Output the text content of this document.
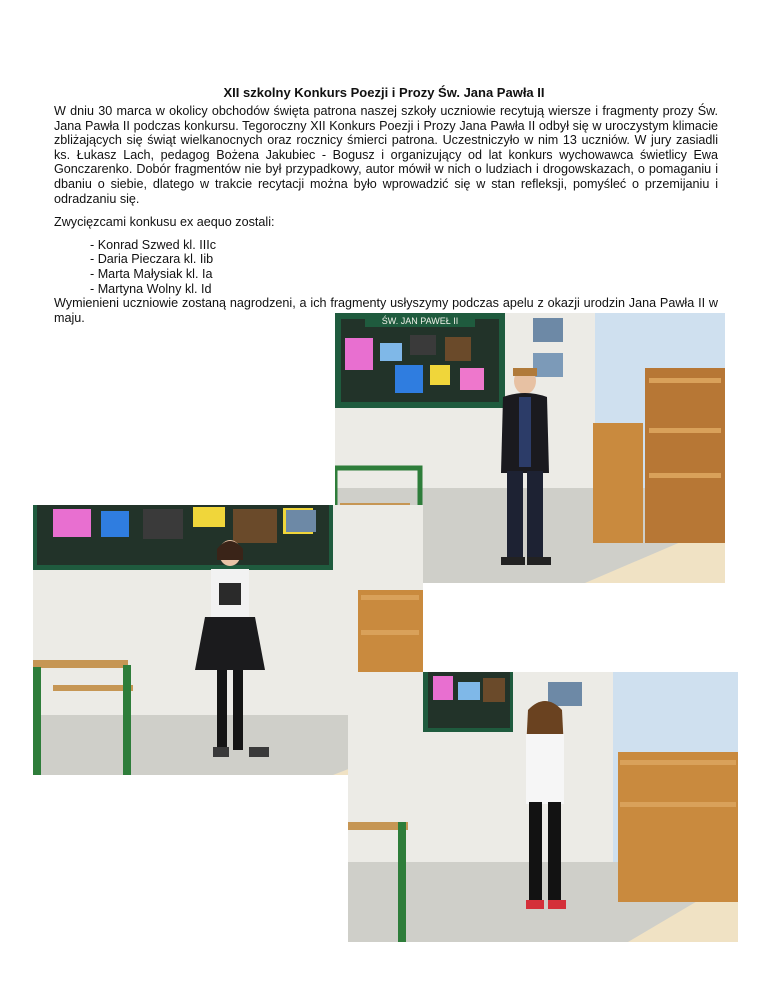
XII szkolny Konkurs Poezji i Prozy Św. Jana Pawła II

W dniu 30 marca w okolicy obchodów święta patrona naszej szkoły uczniowie recytują wiersze i fragmenty prozy Św. Jana Pawła II podczas konkursu. Tegoroczny XII Konkurs Poezji i Prozy Jana Pawła II odbył się w uroczystym klimacie zbliżających się świąt wielkanocnych oraz rocznicy śmierci patrona. Uczestniczyło w nim 13 uczniów. W jury zasiadli ks. Łukasz Lach, pedagog Bożena Jakubiec - Bogusz i organizujący od lat konkurs wychowawca świetlicy Ewa Gonczarenko. Dobór fragmentów nie był przypadkowy, autor mówił w nich o ludziach i drogowskazach, o pomaganiu i dbaniu o siebie, dlatego w trakcie recytacji można było wprowadzić się w stan refleksji, pomyśleć o przemijaniu i odradzaniu się.

Zwycięzcami konkusu ex aequo zostali:

- Konrad Szwed kl. IIIc
- Daria Pieczara kl. Iib
- Marta Małysiak kl. Ia
- Martyna Wolny kl. Id

Wymienieni uczniowie zostaną nagrodzeni, a ich fragmenty usłyszymy podczas apelu z okazji urodzin Jana Pawła II w maju.	ŚW. JAN PAWEŁ II
